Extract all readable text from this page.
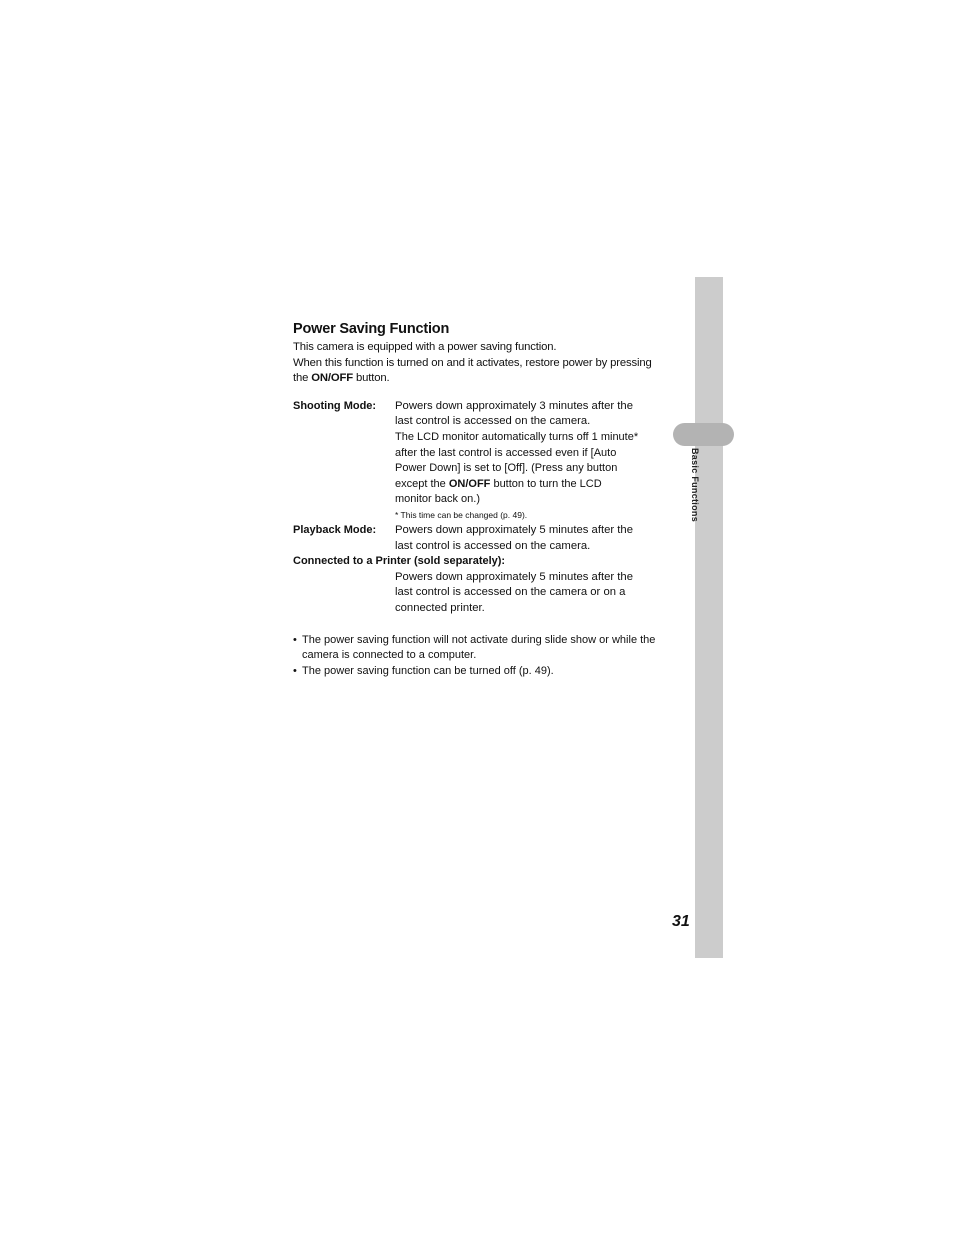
Basic Functions
Power Saving Function

This camera is equipped with a power saving function.

When this function is turned on and it activates, restore power by pressing

the ON/OFF button.

Shooting Mode: Powers down approximately 3 minutes after the
last control is accessed on the camera.
The LCD monitor automatically turns off 1 minute*
after the last control is accessed even if [Auto
Power Down] is set to [Off]. (Press any button
except the ON/OFF button to turn the LCD
monitor back on.)
* This time can be changed (p. 49).
Playback Mode: Powers down approximately 5 minutes after the
last control is accessed on the camera.
Connected to a Printer (sold separately):
Powers down approximately 5 minutes after the
last control is accessed on the camera or on a
connected printer.
• The power saving function will not activate during slide show or while the
camera is connected to a computer.
• The power saving function can be turned off (p. 49).
31
